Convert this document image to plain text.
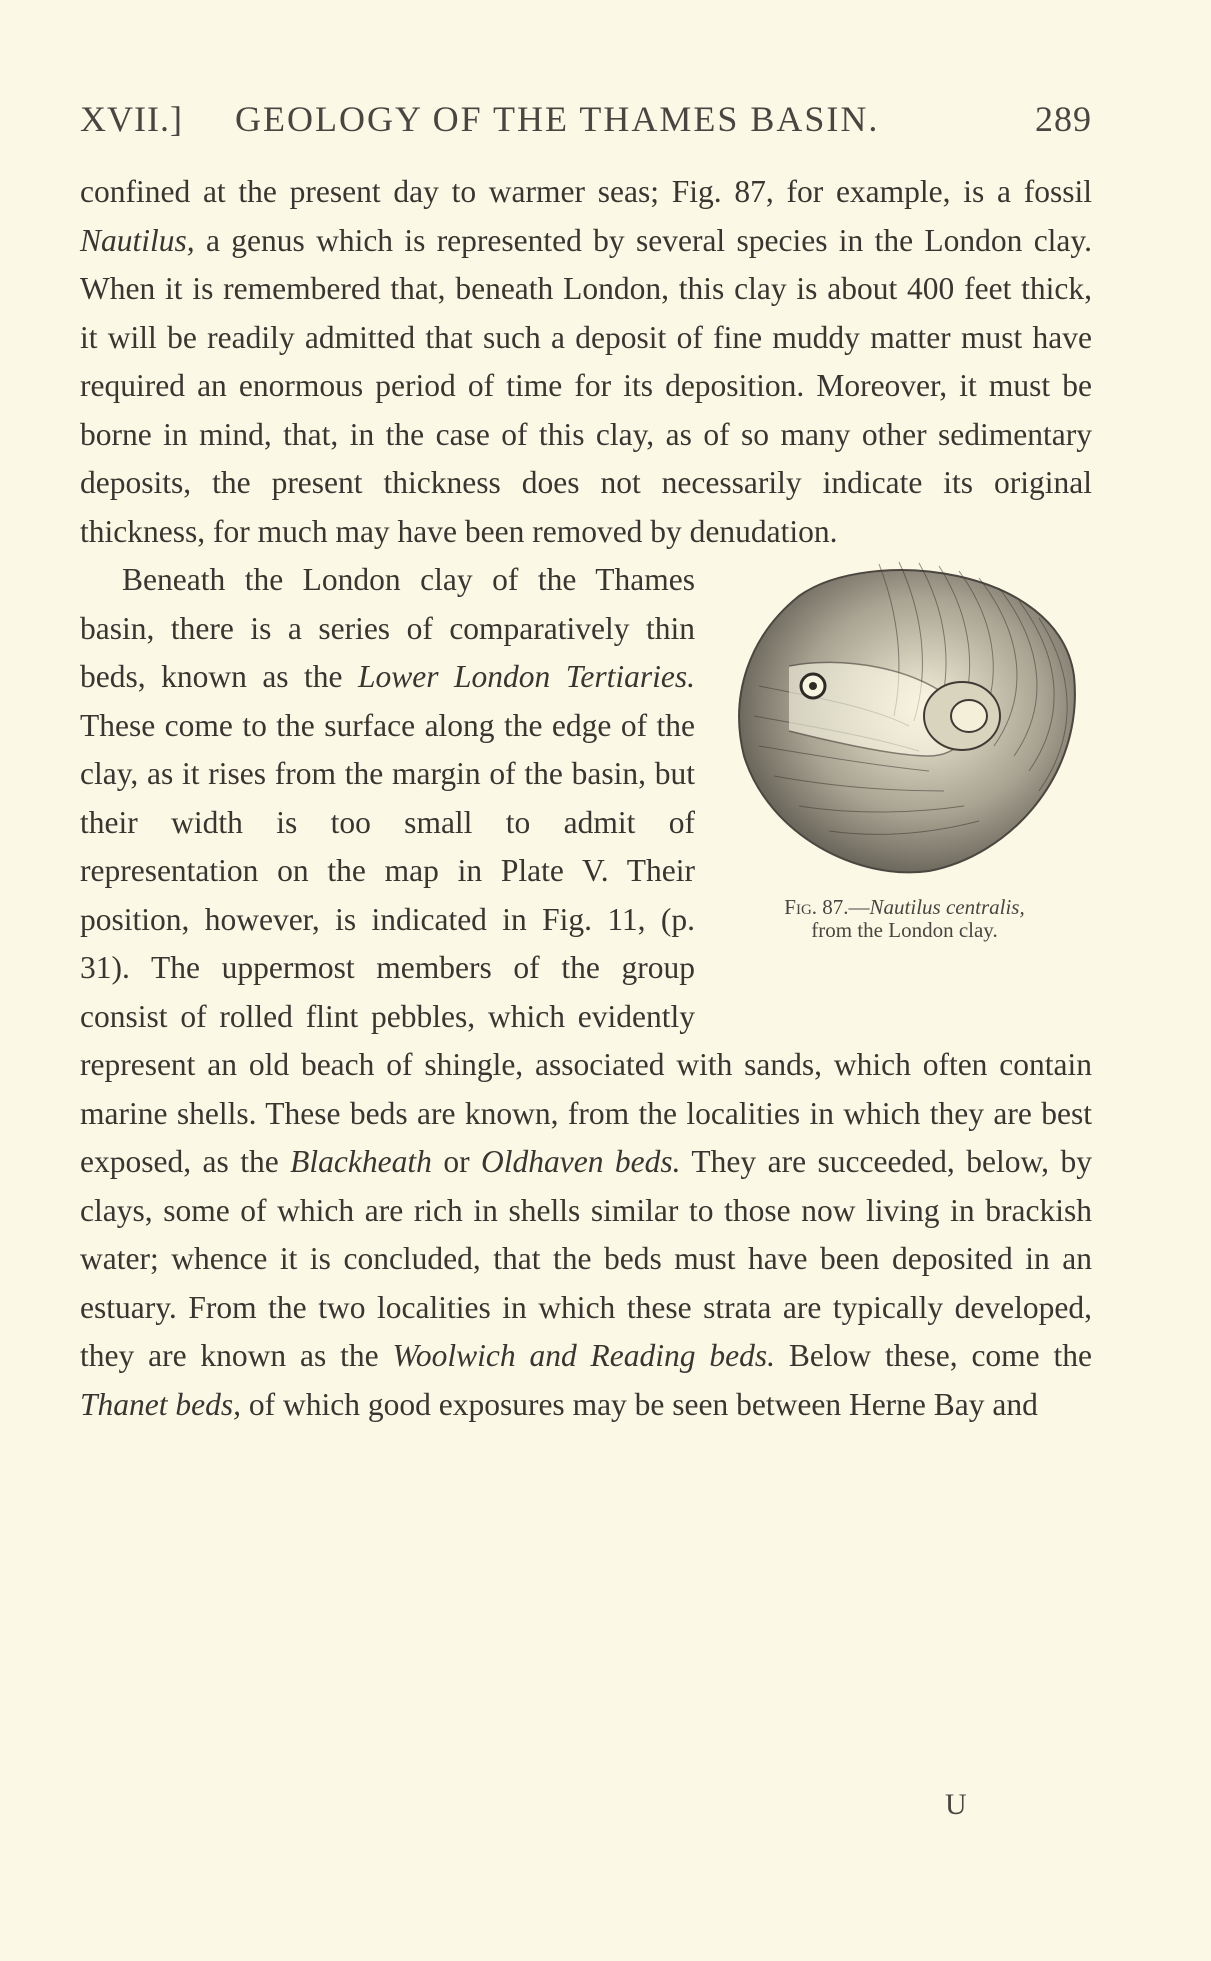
XVII.] GEOLOGY OF THE THAMES BASIN.	289

confined at the present day to warmer seas; Fig. 87, for example, is a fossil Nautilus, a genus which is represented by several species in the London clay. When it is remembered that, beneath London, this clay is about 400 feet thick, it will be readily admitted that such a deposit of fine muddy matter must have required an enormous period of time for its deposition. Moreover, it must be borne in mind, that, in the case of this clay, as of so many other sedimentary deposits, the present thickness does not necessarily indicate its original thickness, for much may have been removed by denudation.

Fig. 87.—Nautilus centralis,
from the London clay.

Beneath the London clay of the Thames basin, there is a series of comparatively thin beds, known as the Lower London Tertiaries. These come to the surface along the edge of the clay, as it rises from the margin of the basin, but their width is too small to admit of representation on the map in Plate V. Their position, however, is indicated in Fig. 11, (p. 31). The uppermost members of the group consist of rolled flint pebbles, which evidently represent an old beach of shingle, associated with sands, which often contain marine shells. These beds are known, from the localities in which they are best exposed, as the Blackheath or Oldhaven beds. They are succeeded, below, by clays, some of which are rich in shells similar to those now living in brackish water; whence it is concluded, that the beds must have been deposited in an estuary. From the two localities in which these strata are typically developed, they are known as the Woolwich and Reading beds. Below these, come the Thanet beds, of which good exposures may be seen between Herne Bay and

U
